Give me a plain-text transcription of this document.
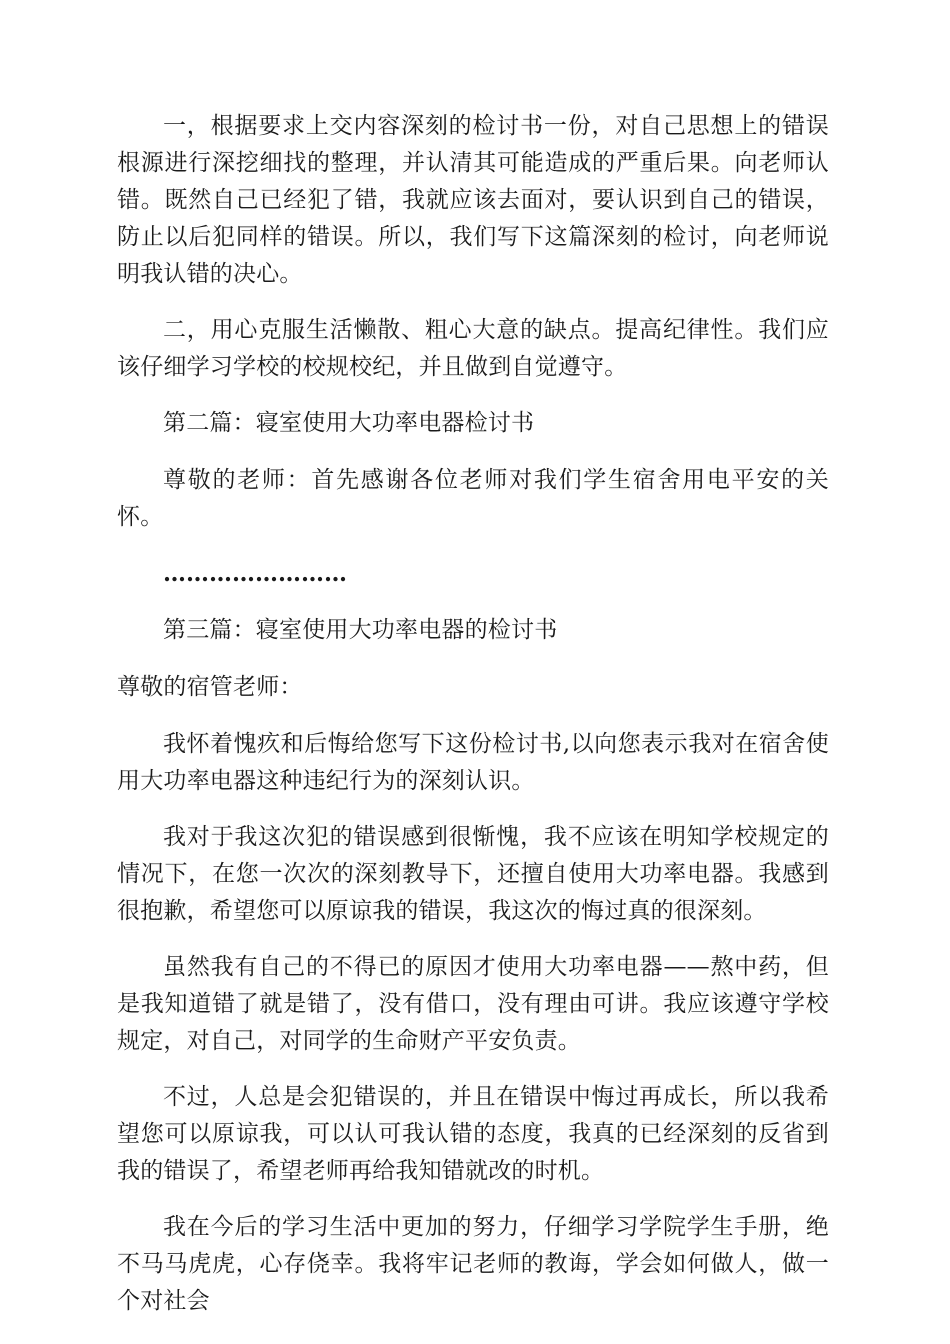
一，根据要求上交内容深刻的检讨书一份，对自己思想上的错误根源进行深挖细找的整理，并认清其可能造成的严重后果。向老师认错。既然自己已经犯了错，我就应该去面对，要认识到自己的错误，防止以后犯同样的错误。所以，我们写下这篇深刻的检讨，向老师说明我认错的决心。

二，用心克服生活懒散、粗心大意的缺点。提高纪律性。我们应该仔细学习学校的校规校纪，并且做到自觉遵守。

第二篇：寝室使用大功率电器检讨书

尊敬的老师：首先感谢各位老师对我们学生宿舍用电平安的关怀。

……………………

第三篇：寝室使用大功率电器的检讨书

尊敬的宿管老师：

我怀着愧疚和后悔给您写下这份检讨书,以向您表示我对在宿舍使用大功率电器这种违纪行为的深刻认识。

我对于我这次犯的错误感到很惭愧，我不应该在明知学校规定的情况下，在您一次次的深刻教导下，还擅自使用大功率电器。我感到很抱歉，希望您可以原谅我的错误，我这次的悔过真的很深刻。

虽然我有自己的不得已的原因才使用大功率电器——熬中药，但是我知道错了就是错了，没有借口，没有理由可讲。我应该遵守学校规定，对自己，对同学的生命财产平安负责。

不过，人总是会犯错误的，并且在错误中悔过再成长，所以我希望您可以原谅我，可以认可我认错的态度，我真的已经深刻的反省到我的错误了，希望老师再给我知错就改的时机。

我在今后的学习生活中更加的努力，仔细学习学院学生手册，绝不马马虎虎，心存侥幸。我将牢记老师的教诲，学会如何做人，做一个对社会
